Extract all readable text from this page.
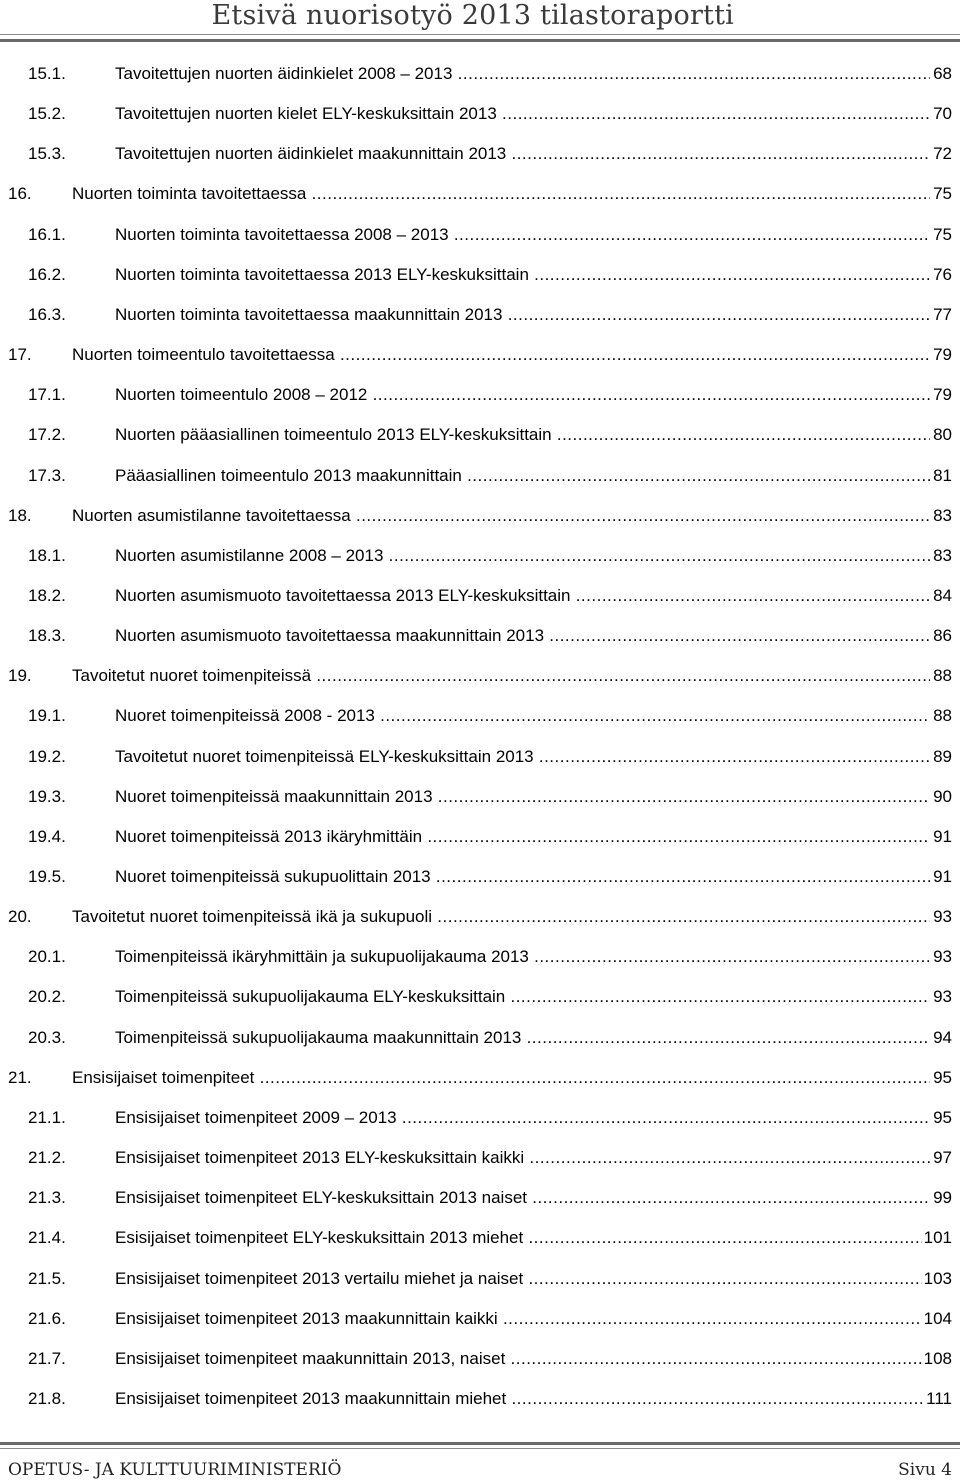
Etsivä nuorisotyö 2013 tilastoraportti
15.1.	Tavoitettujen nuorten äidinkielet 2008 – 2013 .....	68
15.2.	Tavoitettujen nuorten kielet ELY-keskuksittain 2013 .....	70
15.3.	Tavoitettujen nuorten äidinkielet maakunnittain 2013 .....	72
16. Nuorten toiminta tavoitettaessa .....	75
16.1.	Nuorten toiminta tavoitettaessa 2008 – 2013 .....	75
16.2.	Nuorten toiminta tavoitettaessa 2013 ELY-keskuksittain .....	76
16.3.	Nuorten toiminta tavoitettaessa maakunnittain 2013 .....	77
17. Nuorten toimeentulo tavoitettaessa .....	79
17.1.	Nuorten toimeentulo 2008 – 2012 .....	79
17.2.	Nuorten pääasiallinen toimeentulo 2013 ELY-keskuksittain .....	80
17.3.	Pääasiallinen toimeentulo 2013 maakunnittain .....	81
18. Nuorten asumistilanne tavoitettaessa .....	83
18.1.	Nuorten asumistilanne 2008 – 2013 .....	83
18.2.	Nuorten asumismuoto tavoitettaessa 2013 ELY-keskuksittain .....	84
18.3.	Nuorten asumismuoto tavoitettaessa maakunnittain 2013 .....	86
19. Tavoitetut nuoret toimenpiteissä .....	88
19.1.	Nuoret toimenpiteissä 2008 - 2013 .....	88
19.2.	Tavoitetut nuoret toimenpiteissä ELY-keskuksittain 2013 .....	89
19.3.	Nuoret toimenpiteissä maakunnittain 2013 .....	90
19.4.	Nuoret toimenpiteissä 2013 ikäryhmittäin .....	91
19.5.	Nuoret toimenpiteissä sukupuolittain 2013 .....	91
20. Tavoitetut nuoret toimenpiteissä ikä ja sukupuoli .....	93
20.1.	Toimenpiteissä ikäryhmittäin ja sukupuolijakauma 2013 .....	93
20.2.	Toimenpiteissä sukupuolijakauma ELY-keskuksittain .....	93
20.3.	Toimenpiteissä sukupuolijakauma maakunnittain 2013 .....	94
21. Ensisijaiset toimenpiteet .....	95
21.1.	Ensisijaiset toimenpiteet 2009 – 2013 .....	95
21.2.	Ensisijaiset toimenpiteet 2013 ELY-keskuksittain kaikki .....	97
21.3.	Ensisijaiset toimenpiteet ELY-keskuksittain 2013 naiset .....	99
21.4.	Esisijaiset toimenpiteet ELY-keskuksittain 2013 miehet .....	101
21.5.	Ensisijaiset toimenpiteet 2013 vertailu miehet ja naiset .....	103
21.6.	Ensisijaiset toimenpiteet 2013 maakunnittain kaikki .....	104
21.7.	Ensisijaiset toimenpiteet maakunnittain 2013, naiset .....	108
21.8.	Ensisijaiset toimenpiteet 2013 maakunnittain miehet .....	111
OPETUS- JA KULTTUURIMINISTERIÖ	Sivu 4
